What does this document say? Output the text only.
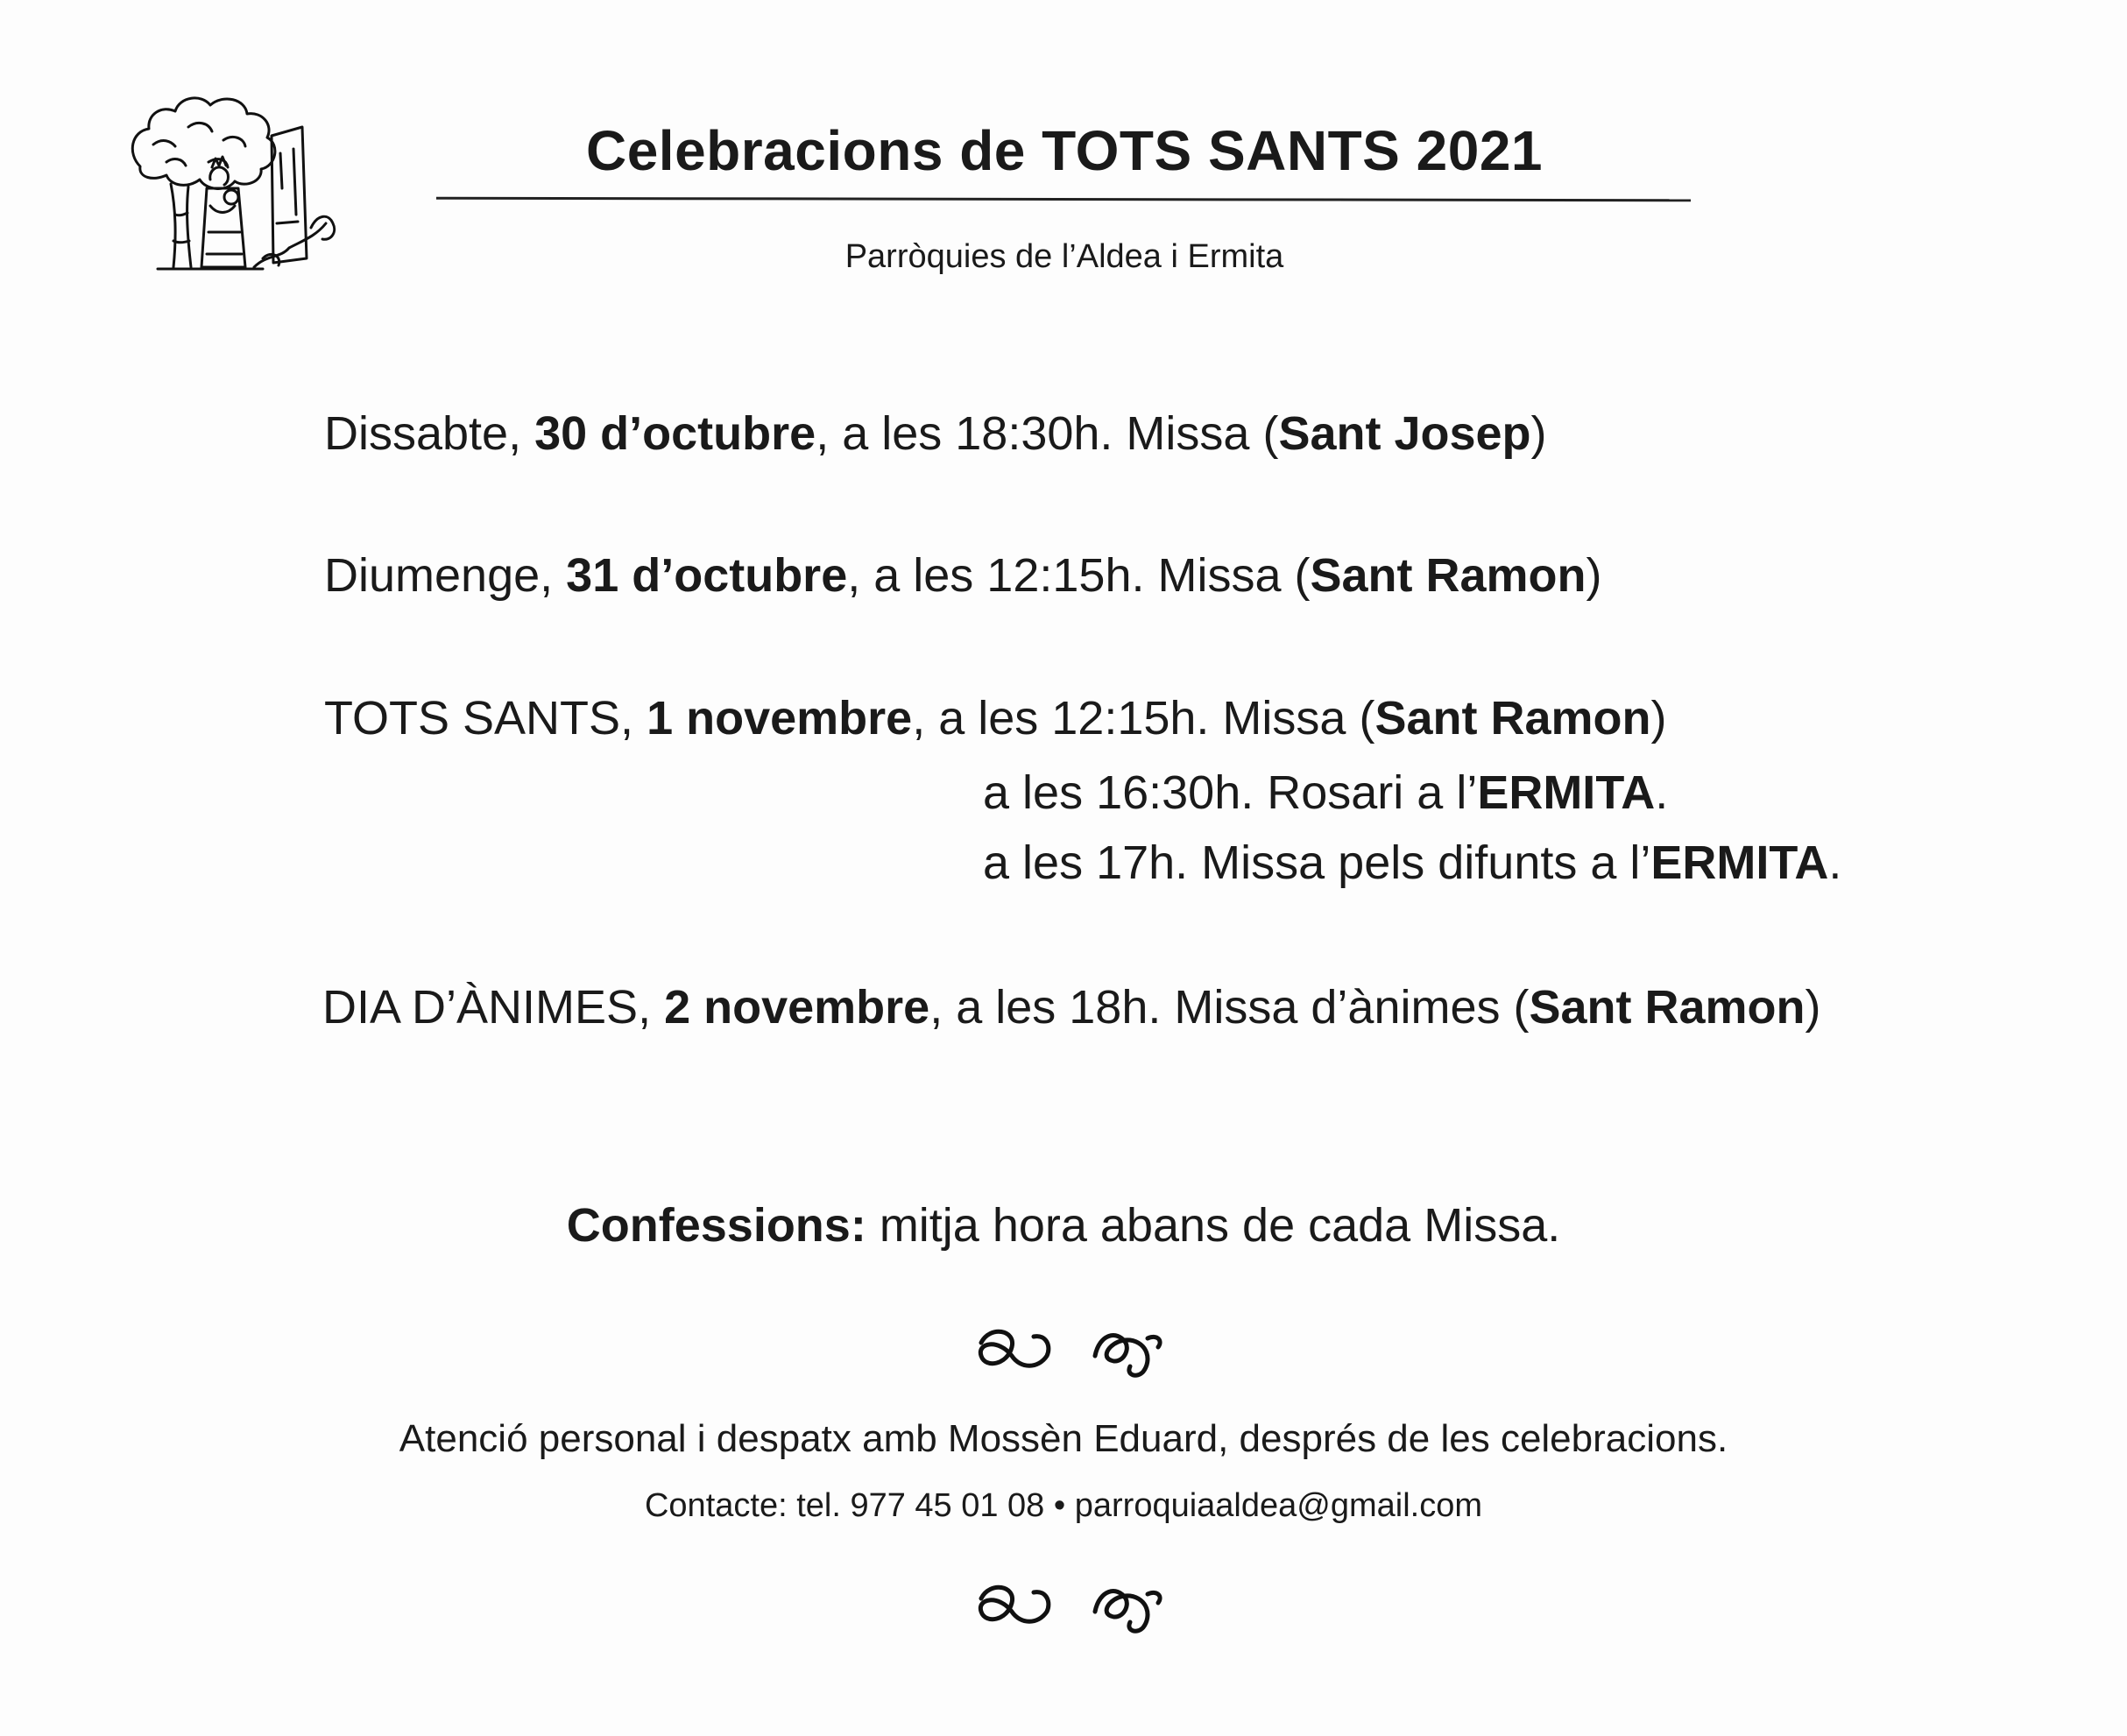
Celebracions de TOTS SANTS 2021
Parròquies de l’Aldea i Ermita
Dissabte, 30 d’octubre, a les 18:30h. Missa (Sant Josep)
Diumenge, 31 d’octubre, a les 12:15h. Missa (Sant Ramon)
TOTS SANTS, 1 novembre, a les 12:15h. Missa (Sant Ramon)
a les 16:30h. Rosari a l’ERMITA.
a les 17h. Missa pels difunts a l’ERMITA.
DIA D’ÀNIMES, 2 novembre, a les 18h. Missa d’ànimes (Sant Ramon)
Confessions: mitja hora abans de cada Missa.
Atenció personal i despatx amb Mossèn Eduard, després de les celebracions.
Contacte: tel. 977 45 01 08 • parroquiaaldea@gmail.com
